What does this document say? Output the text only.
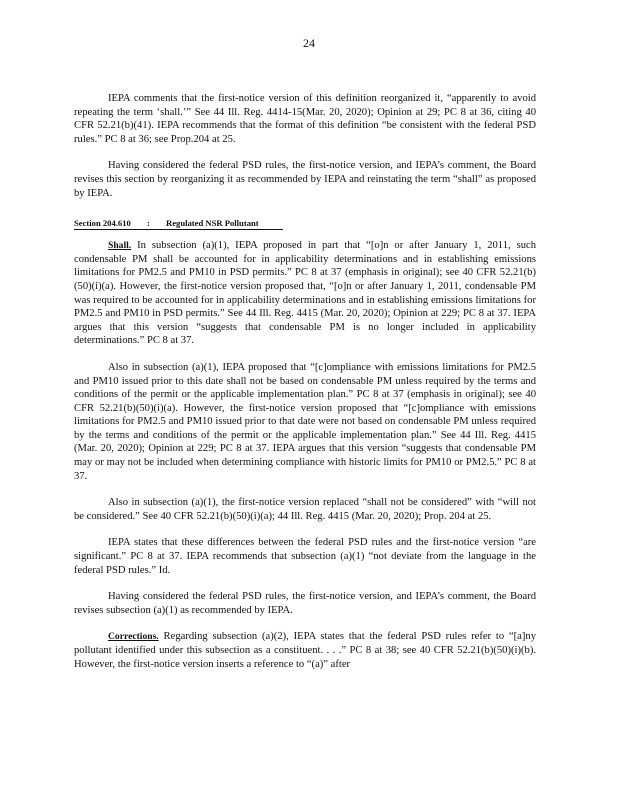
24

IEPA comments that the first-notice version of this definition reorganized it, “apparently to avoid repeating the term ‘shall.’” See 44 Ill. Reg. 4414-15(Mar. 20, 2020); Opinion at 29; PC 8 at 36, citing 40 CFR 52.21(b)(41). IEPA recommends that the format of this definition “be consistent with the federal PSD rules.” PC 8 at 36; see Prop.204 at 25.

Having considered the federal PSD rules, the first-notice version, and IEPA’s comment, the Board revises this section by reorganizing it as recommended by IEPA and reinstating the term “shall” as proposed by IEPA.

Section 204.610 : Regulated NSR Pollutant

Shall. In subsection (a)(1), IEPA proposed in part that “[o]n or after January 1, 2011, such condensable PM shall be accounted for in applicability determinations and in establishing emissions limitations for PM2.5 and PM10 in PSD permits.” PC 8 at 37 (emphasis in original); see 40 CFR 52.21(b)(50)(i)(a). However, the first-notice version proposed that, “[o]n or after January 1, 2011, condensable PM was required to be accounted for in applicability determinations and in establishing emissions limitations for PM2.5 and PM10 in PSD permits.” See 44 Ill. Reg. 4415 (Mar. 20, 2020); Opinion at 229; PC 8 at 37. IEPA argues that this version “suggests that condensable PM is no longer included in applicability determinations.” PC 8 at 37.

Also in subsection (a)(1), IEPA proposed that “[c]ompliance with emissions limitations for PM2.5 and PM10 issued prior to this date shall not be based on condensable PM unless required by the terms and conditions of the permit or the applicable implementation plan.” PC 8 at 37 (emphasis in original); see 40 CFR 52.21(b)(50)(i)(a). However, the first-notice version proposed that “[c]ompliance with emissions limitations for PM2.5 and PM10 issued prior to that date were not based on condensable PM unless required by the terms and conditions of the permit or the applicable implementation plan.” See 44 Ill. Reg. 4415 (Mar. 20, 2020); Opinion at 229; PC 8 at 37. IEPA argues that this version “suggests that condensable PM may or may not be included when determining compliance with historic limits for PM10 or PM2.5.” PC 8 at 37.

Also in subsection (a)(1), the first-notice version replaced “shall not be considered” with “will not be considered.” See 40 CFR 52.21(b)(50)(i)(a); 44 Ill. Reg. 4415 (Mar. 20, 2020); Prop. 204 at 25.

IEPA states that these differences between the federal PSD rules and the first-notice version “are significant.” PC 8 at 37. IEPA recommends that subsection (a)(1) “not deviate from the language in the federal PSD rules.” Id.

Having considered the federal PSD rules, the first-notice version, and IEPA’s comment, the Board revises subsection (a)(1) as recommended by IEPA.

Corrections. Regarding subsection (a)(2), IEPA states that the federal PSD rules refer to “[a]ny pollutant identified under this subsection as a constituent. . . .” PC 8 at 38; see 40 CFR 52.21(b)(50)(i)(b). However, the first-notice version inserts a reference to “(a)” after
